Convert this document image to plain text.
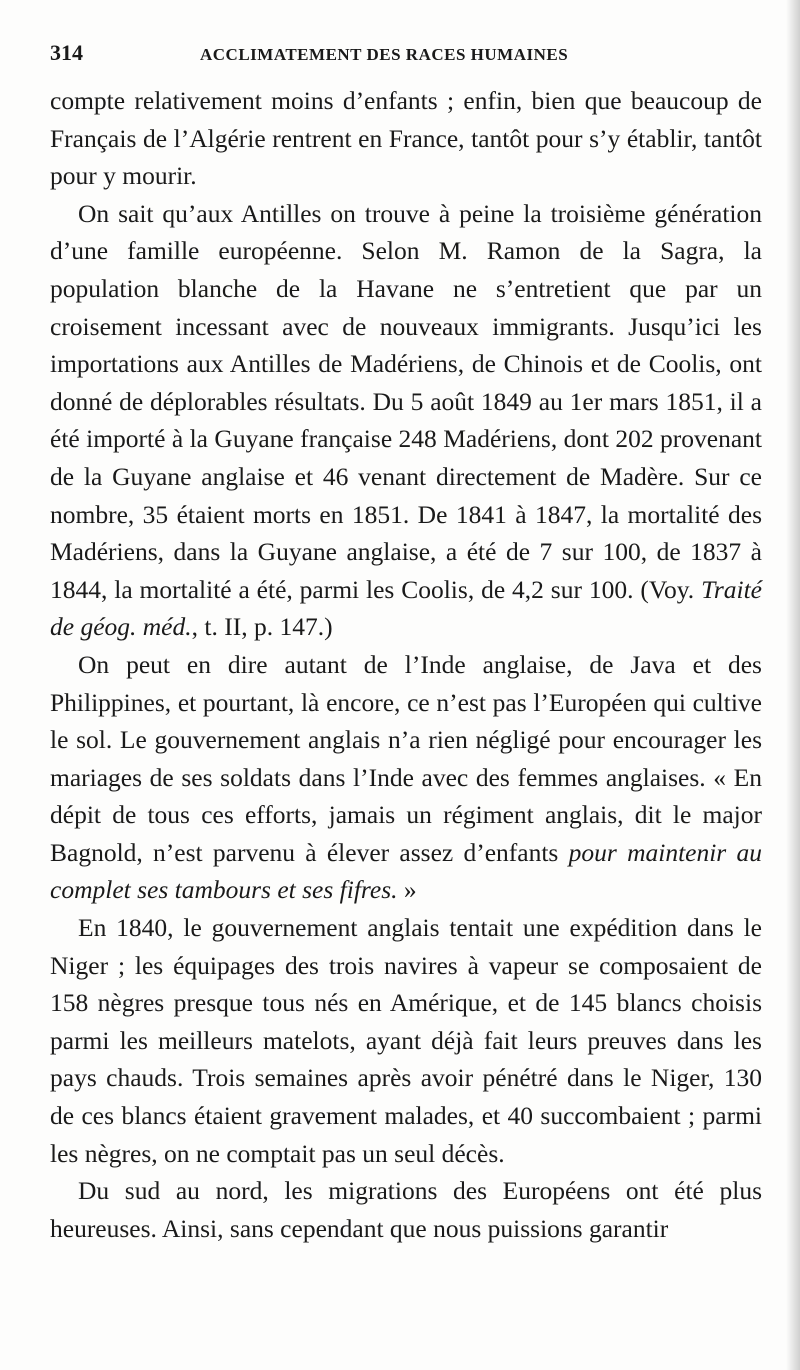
314	ACCLIMATEMENT DES RACES HUMAINES

compte relativement moins d’enfants ; enfin, bien que beaucoup de Français de l’Algérie rentrent en France, tantôt pour s’y établir, tantôt pour y mourir.

On sait qu’aux Antilles on trouve à peine la troisième génération d’une famille européenne. Selon M. Ramon de la Sagra, la population blanche de la Havane ne s’entretient que par un croisement incessant avec de nouveaux immigrants. Jusqu’ici les importations aux Antilles de Madériens, de Chinois et de Coolis, ont donné de déplorables résultats. Du 5 août 1849 au 1er mars 1851, il a été importé à la Guyane française 248 Madériens, dont 202 provenant de la Guyane anglaise et 46 venant directement de Madère. Sur ce nombre, 35 étaient morts en 1851. De 1841 à 1847, la mortalité des Madériens, dans la Guyane anglaise, a été de 7 sur 100, de 1837 à 1844, la mortalité a été, parmi les Coolis, de 4,2 sur 100. (Voy. Traité de géog. méd., t. II, p. 147.)

On peut en dire autant de l’Inde anglaise, de Java et des Philippines, et pourtant, là encore, ce n’est pas l’Européen qui cultive le sol. Le gouvernement anglais n’a rien négligé pour encourager les mariages de ses soldats dans l’Inde avec des femmes anglaises. « En dépit de tous ces efforts, jamais un régiment anglais, dit le major Bagnold, n’est parvenu à élever assez d’enfants pour maintenir au complet ses tambours et ses fifres. »

En 1840, le gouvernement anglais tentait une expédition dans le Niger ; les équipages des trois navires à vapeur se composaient de 158 nègres presque tous nés en Amérique, et de 145 blancs choisis parmi les meilleurs matelots, ayant déjà fait leurs preuves dans les pays chauds. Trois semaines après avoir pénétré dans le Niger, 130 de ces blancs étaient gravement malades, et 40 succombaient ; parmi les nègres, on ne comptait pas un seul décès.

Du sud au nord, les migrations des Européens ont été plus heureuses. Ainsi, sans cependant que nous puissions garantir
